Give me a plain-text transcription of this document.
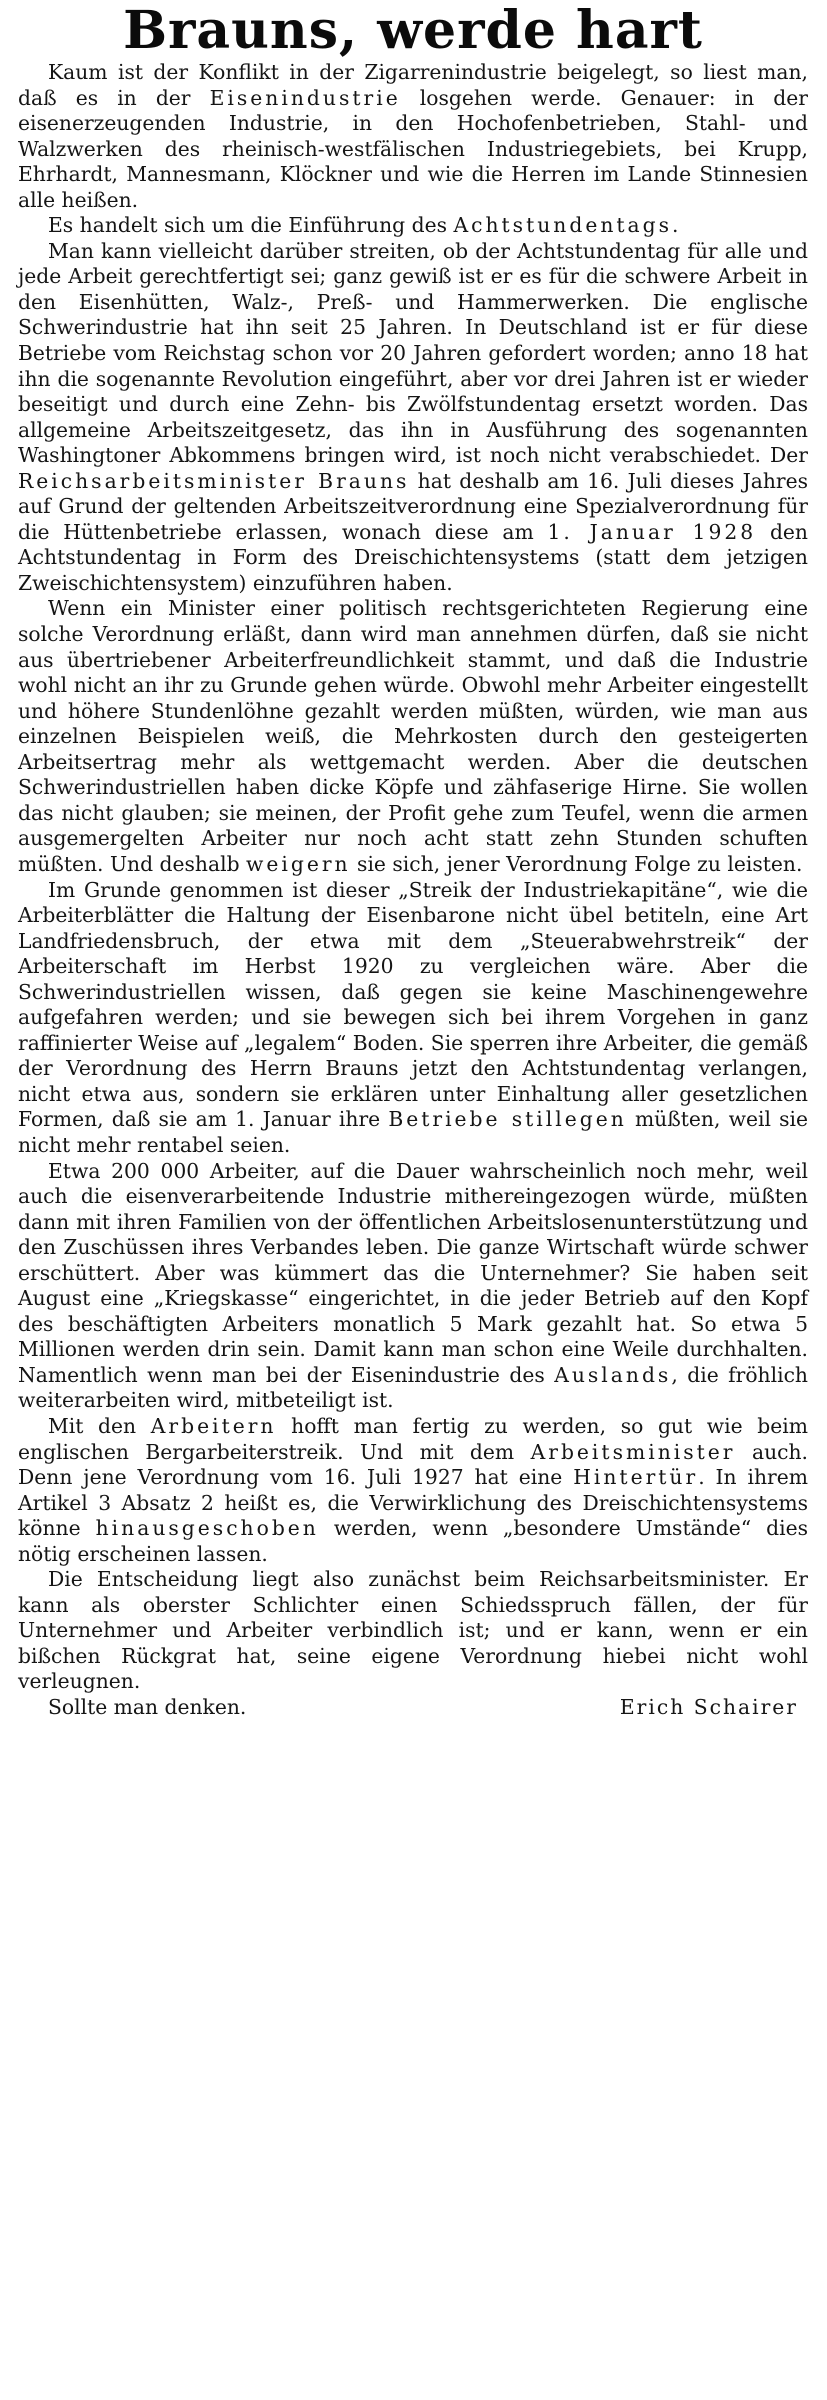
Brauns, werde hart

Kaum ist der Konflikt in der Zigarrenindustrie beigelegt, so liest man, daß es in der Eisenindustrie losgehen werde. Genauer: in der eisenerzeugenden Industrie, in den Hochofenbetrieben, Stahl- und Walzwerken des rheinisch-westfälischen Industriegebiets, bei Krupp, Ehrhardt, Mannesmann, Klöckner und wie die Herren im Lande Stinnesien alle heißen.

Es handelt sich um die Einführung des Achtstundentags.

Man kann vielleicht darüber streiten, ob der Achtstundentag für alle und jede Arbeit gerechtfertigt sei; ganz gewiß ist er es für die schwere Arbeit in den Eisenhütten, Walz-, Preß- und Hammerwerken. Die englische Schwerindustrie hat ihn seit 25 Jahren. In Deutschland ist er für diese Betriebe vom Reichstag schon vor 20 Jahren gefordert worden; anno 18 hat ihn die sogenannte Revolution eingeführt, aber vor drei Jahren ist er wieder beseitigt und durch eine Zehn- bis Zwölfstundentag ersetzt worden. Das allgemeine Arbeitszeitgesetz, das ihn in Ausführung des sogenannten Washingtoner Abkommens bringen wird, ist noch nicht verabschiedet. Der Reichsarbeitsminister Brauns hat deshalb am 16. Juli dieses Jahres auf Grund der geltenden Arbeitszeitverordnung eine Spezialverordnung für die Hüttenbetriebe erlassen, wonach diese am 1. Januar 1928 den Achtstundentag in Form des Dreischichtensystems (statt dem jetzigen Zweischichtensystem) einzuführen haben.

Wenn ein Minister einer politisch rechtsgerichteten Regierung eine solche Verordnung erläßt, dann wird man annehmen dürfen, daß sie nicht aus übertriebener Arbeiterfreundlichkeit stammt, und daß die Industrie wohl nicht an ihr zu Grunde gehen würde. Obwohl mehr Arbeiter eingestellt und höhere Stundenlöhne gezahlt werden müßten, würden, wie man aus einzelnen Beispielen weiß, die Mehrkosten durch den gesteigerten Arbeitsertrag mehr als wettgemacht werden. Aber die deutschen Schwerindustriellen haben dicke Köpfe und zähfaserige Hirne. Sie wollen das nicht glauben; sie meinen, der Profit gehe zum Teufel, wenn die armen ausgemergelten Arbeiter nur noch acht statt zehn Stunden schuften müßten. Und deshalb weigern sie sich, jener Verordnung Folge zu leisten.

Im Grunde genommen ist dieser „Streik der Industriekapitäne“, wie die Arbeiterblätter die Haltung der Eisenbarone nicht übel betiteln, eine Art Landfriedensbruch, der etwa mit dem „Steuerabwehrstreik“ der Arbeiterschaft im Herbst 1920 zu vergleichen wäre. Aber die Schwerindustriellen wissen, daß gegen sie keine Maschinengewehre aufgefahren werden; und sie bewegen sich bei ihrem Vorgehen in ganz raffinierter Weise auf „legalem“ Boden. Sie sperren ihre Arbeiter, die gemäß der Verordnung des Herrn Brauns jetzt den Achtstundentag verlangen, nicht etwa aus, sondern sie erklären unter Einhaltung aller gesetzlichen Formen, daß sie am 1. Januar ihre Betriebe stillegen müßten, weil sie nicht mehr rentabel seien.

Etwa 200 000 Arbeiter, auf die Dauer wahrscheinlich noch mehr, weil auch die eisenverarbeitende Industrie mithereingezogen würde, müßten dann mit ihren Familien von der öffentlichen Arbeitslosenunterstützung und den Zuschüssen ihres Verbandes leben. Die ganze Wirtschaft würde schwer erschüttert. Aber was kümmert das die Unternehmer? Sie haben seit August eine „Kriegskasse“ eingerichtet, in die jeder Betrieb auf den Kopf des beschäftigten Arbeiters monatlich 5 Mark gezahlt hat. So etwa 5 Millionen werden drin sein. Damit kann man schon eine Weile durchhalten. Namentlich wenn man bei der Eisenindustrie des Auslands, die fröhlich weiterarbeiten wird, mitbeteiligt ist.

Mit den Arbeitern hofft man fertig zu werden, so gut wie beim englischen Bergarbeiterstreik. Und mit dem Arbeitsminister auch. Denn jene Verordnung vom 16. Juli 1927 hat eine Hintertür. In ihrem Artikel 3 Absatz 2 heißt es, die Verwirklichung des Dreischichtensystems könne hinausgeschoben werden, wenn „besondere Umstände“ dies nötig erscheinen lassen.

Die Entscheidung liegt also zunächst beim Reichsarbeitsminister. Er kann als oberster Schlichter einen Schiedsspruch fällen, der für Unternehmer und Arbeiter verbindlich ist; und er kann, wenn er ein bißchen Rückgrat hat, seine eigene Verordnung hiebei nicht wohl verleugnen.

Sollte man denken.	Erich Schairer
